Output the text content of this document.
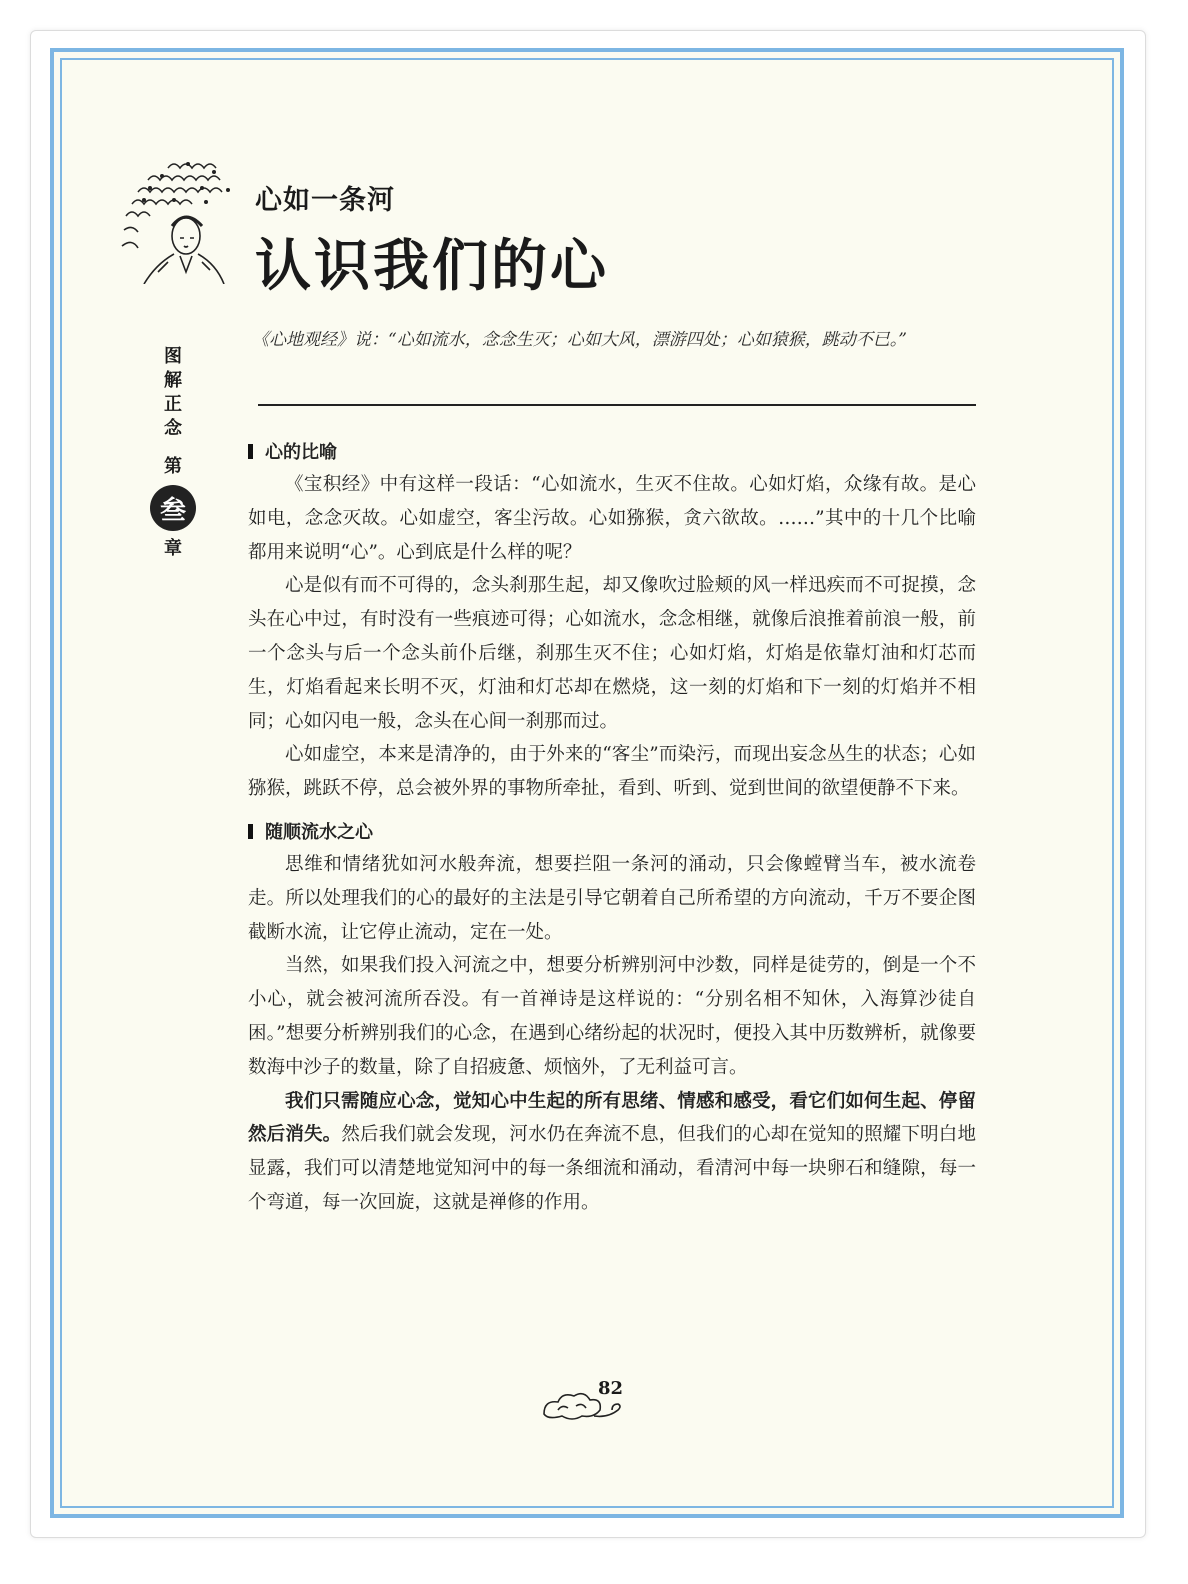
心如一条河
认识我们的心
图
解
正
念
第
叁
章

《心地观经》说：“心如流水，念念生灭；心如大风，漂游四处；心如猿猴，跳动不已。”

心的比喻

《宝积经》中有这样一段话：“心如流水，生灭不住故。心如灯焰，众缘有故。是心如电，念念灭故。心如虚空，客尘污故。心如猕猴，贪六欲故。……”其中的十几个比喻都用来说明“心”。心到底是什么样的呢？

心是似有而不可得的，念头刹那生起，却又像吹过脸颊的风一样迅疾而不可捉摸，念头在心中过，有时没有一些痕迹可得；心如流水，念念相继，就像后浪推着前浪一般，前一个念头与后一个念头前仆后继，刹那生灭不住；心如灯焰，灯焰是依靠灯油和灯芯而生，灯焰看起来长明不灭，灯油和灯芯却在燃烧，这一刻的灯焰和下一刻的灯焰并不相同；心如闪电一般，念头在心间一刹那而过。

心如虚空，本来是清净的，由于外来的“客尘”而染污，而现出妄念丛生的状态；心如猕猴，跳跃不停，总会被外界的事物所牵扯，看到、听到、觉到世间的欲望便静不下来。

随顺流水之心

思维和情绪犹如河水般奔流，想要拦阻一条河的涌动，只会像螳臂当车，被水流卷走。所以处理我们的心的最好的主法是引导它朝着自己所希望的方向流动，千万不要企图截断水流，让它停止流动，定在一处。

当然，如果我们投入河流之中，想要分析辨别河中沙数，同样是徒劳的，倒是一个不小心，就会被河流所吞没。有一首禅诗是这样说的：“分别名相不知休，入海算沙徒自困。”想要分析辨别我们的心念，在遇到心绪纷起的状况时，便投入其中历数辨析，就像要数海中沙子的数量，除了自招疲惫、烦恼外，了无利益可言。

我们只需随应心念，觉知心中生起的所有思绪、情感和感受，看它们如何生起、停留然后消失。然后我们就会发现，河水仍在奔流不息，但我们的心却在觉知的照耀下明白地显露，我们可以清楚地觉知河中的每一条细流和涌动，看清河中每一块卵石和缝隙，每一个弯道，每一次回旋，这就是禅修的作用。

82
